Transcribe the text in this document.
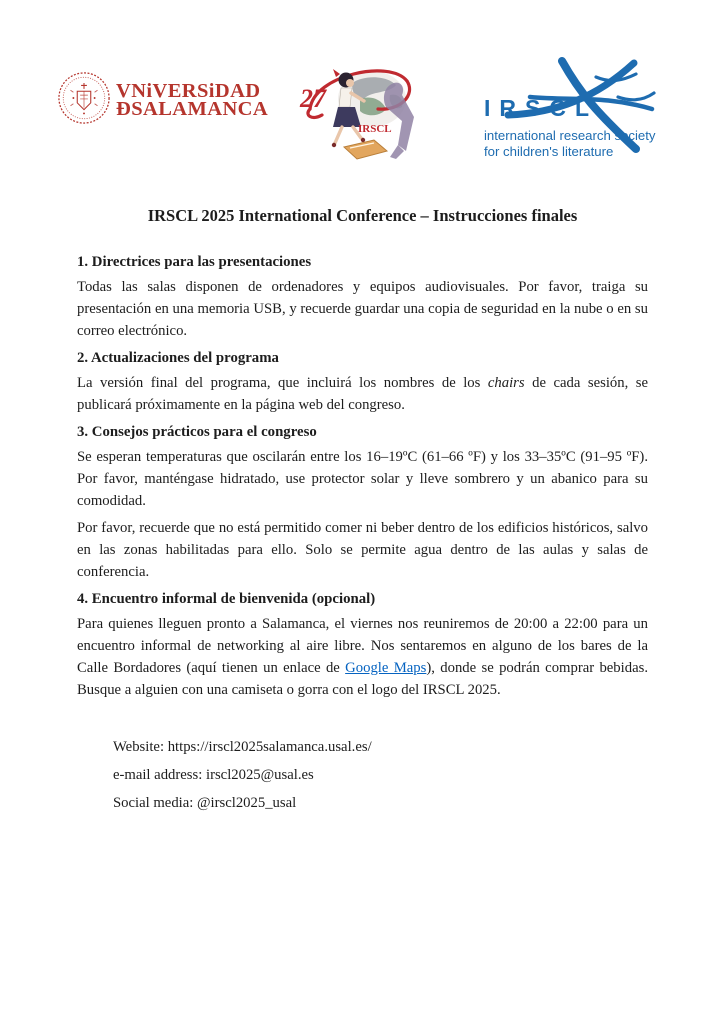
VNiVERSiDAD
ÐSALAMANCA 27
IRSCL
IRSCL
international research society
for children's literature
IRSCL 2025 International Conference – Instrucciones finales
1. Directrices para las presentaciones

Todas las salas disponen de ordenadores y equipos audiovisuales. Por favor, traiga su presentación en una memoria USB, y recuerde guardar una copia de seguridad en la nube o en su correo electrónico.

2. Actualizaciones del programa

La versión final del programa, que incluirá los nombres de los chairs de cada sesión, se publicará próximamente en la página web del congreso.

3. Consejos prácticos para el congreso

Se esperan temperaturas que oscilarán entre los 16–19ºC (61–66 ºF) y los 33–35ºC (91–95 ºF). Por favor, manténgase hidratado, use protector solar y lleve sombrero y un abanico para su comodidad.

Por favor, recuerde que no está permitido comer ni beber dentro de los edificios históricos, salvo en las zonas habilitadas para ello. Solo se permite agua dentro de las aulas y salas de conferencia.

4. Encuentro informal de bienvenida (opcional)

Para quienes lleguen pronto a Salamanca, el viernes nos reuniremos de 20:00 a 22:00 para un encuentro informal de networking al aire libre. Nos sentaremos en alguno de los bares de la Calle Bordadores (aquí tienen un enlace de Google Maps), donde se podrán comprar bebidas. Busque a alguien con una camiseta o gorra con el logo del IRSCL 2025.

Website: https://irscl2025salamanca.usal.es/

e-mail address: irscl2025@usal.es

Social media: @irscl2025_usal
